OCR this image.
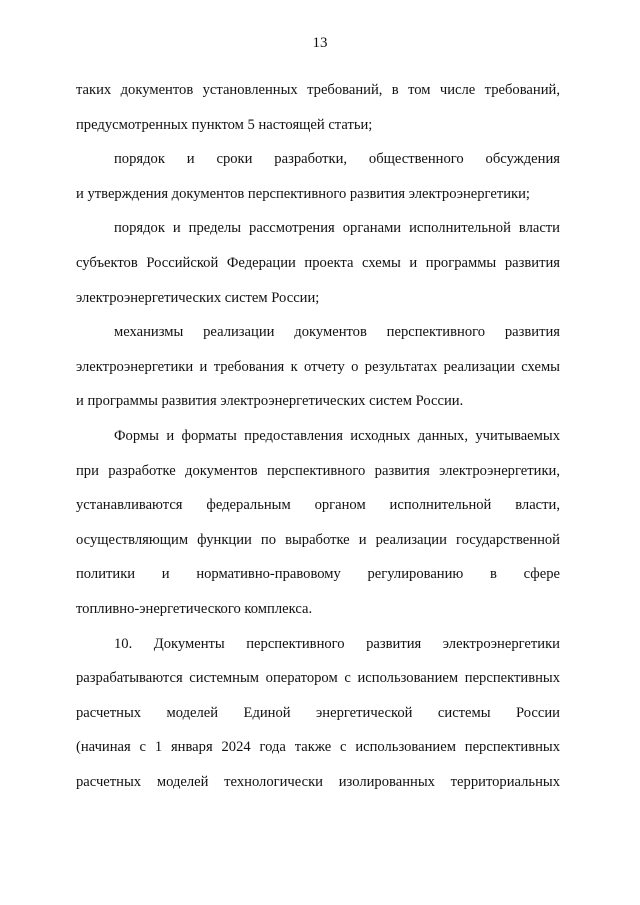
13
таких документов установленных требований, в том числе требований,
предусмотренных пунктом 5 настоящей статьи;
порядок и сроки разработки, общественного обсуждения
и утверждения документов перспективного развития электроэнергетики;
порядок и пределы рассмотрения органами исполнительной власти
субъектов Российской Федерации проекта схемы и программы развития
электроэнергетических систем России;
механизмы реализации документов перспективного развития
электроэнергетики и требования к отчету о результатах реализации схемы
и программы развития электроэнергетических систем России.
Формы и форматы предоставления исходных данных, учитываемых
при разработке документов перспективного развития электроэнергетики,
устанавливаются федеральным органом исполнительной власти,
осуществляющим функции по выработке и реализации государственной
политики и нормативно-правовому регулированию в сфере
топливно-энергетического комплекса.
10. Документы перспективного развития электроэнергетики
разрабатываются системным оператором с использованием перспективных
расчетных моделей Единой энергетической системы России
(начиная с 1 января 2024 года также с использованием перспективных
расчетных моделей технологически изолированных территориальных
